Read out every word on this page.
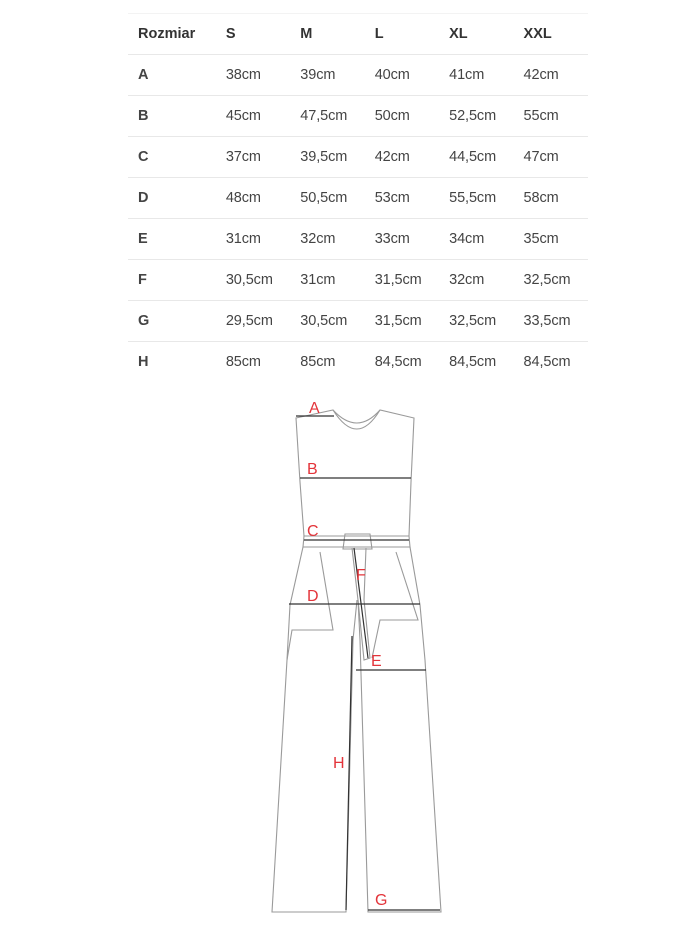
Rozmiar	S	M	L	XL	XXL
A	38cm	39cm	40cm	41cm	42cm
B	45cm	47,5cm	50cm	52,5cm	55cm
C	37cm	39,5cm	42cm	44,5cm	47cm
D	48cm	50,5cm	53cm	55,5cm	58cm
E	31cm	32cm	33cm	34cm	35cm
F	30,5cm	31cm	31,5cm	32cm	32,5cm
G	29,5cm	30,5cm	31,5cm	32,5cm	33,5cm
H	85cm	85cm	84,5cm	84,5cm	84,5cm
A
B
C
D
E
F
G
H
